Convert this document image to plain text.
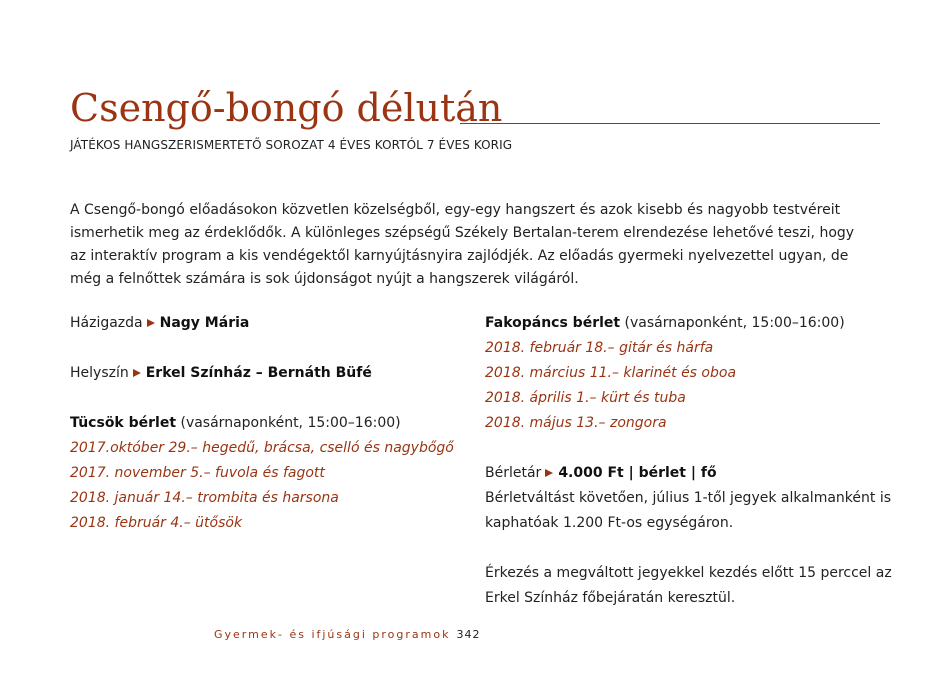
Csengő-bongó délután
JÁTÉKOS HANGSZERISMERTETŐ SOROZAT 4 ÉVES KORTÓL 7 ÉVES KORIG

A Csengő-bongó előadásokon közvetlen közelségből, egy-egy hangszert és azok kisebb és nagyobb testvéreit ismerhetik meg az érdeklődők. A különleges szépségű Székely Bertalan-terem elrendezése lehetővé teszi, hogy az interaktív program a kis vendégektől karnyújtásnyira zajlódjék. Az előadás gyermeki nyelvezettel ugyan, de még a felnőttek számára is sok újdonságot nyújt a hangszerek világáról.

Házigazda Nagy Mária
Helyszín Erkel Színház – Bernáth Büfé
Tücsök bérlet (vasárnaponként, 15:00–16:00)
2017.október 29.– hegedű, brácsa, cselló és nagybőgő
2017. november 5.– fuvola és fagott
2018. január 14.– trombita és harsona
2018. február 4.– ütősök
Fakopáncs bérlet (vasárnaponként, 15:00–16:00)
2018. február 18.– gitár és hárfa
2018. március 11.– klarinét és oboa
2018. április 1.– kürt és tuba
2018. május 13.– zongora
Bérletár 4.000 Ft | bérlet | fő
Bérletváltást követően, július 1-től jegyek alkalmanként is kaphatóak 1.200 Ft-os egységáron.
Érkezés a megváltott jegyekkel kezdés előtt 15 perccel az Erkel Színház főbejáratán keresztül.
Gyermek- és ifjúsági programok 342
